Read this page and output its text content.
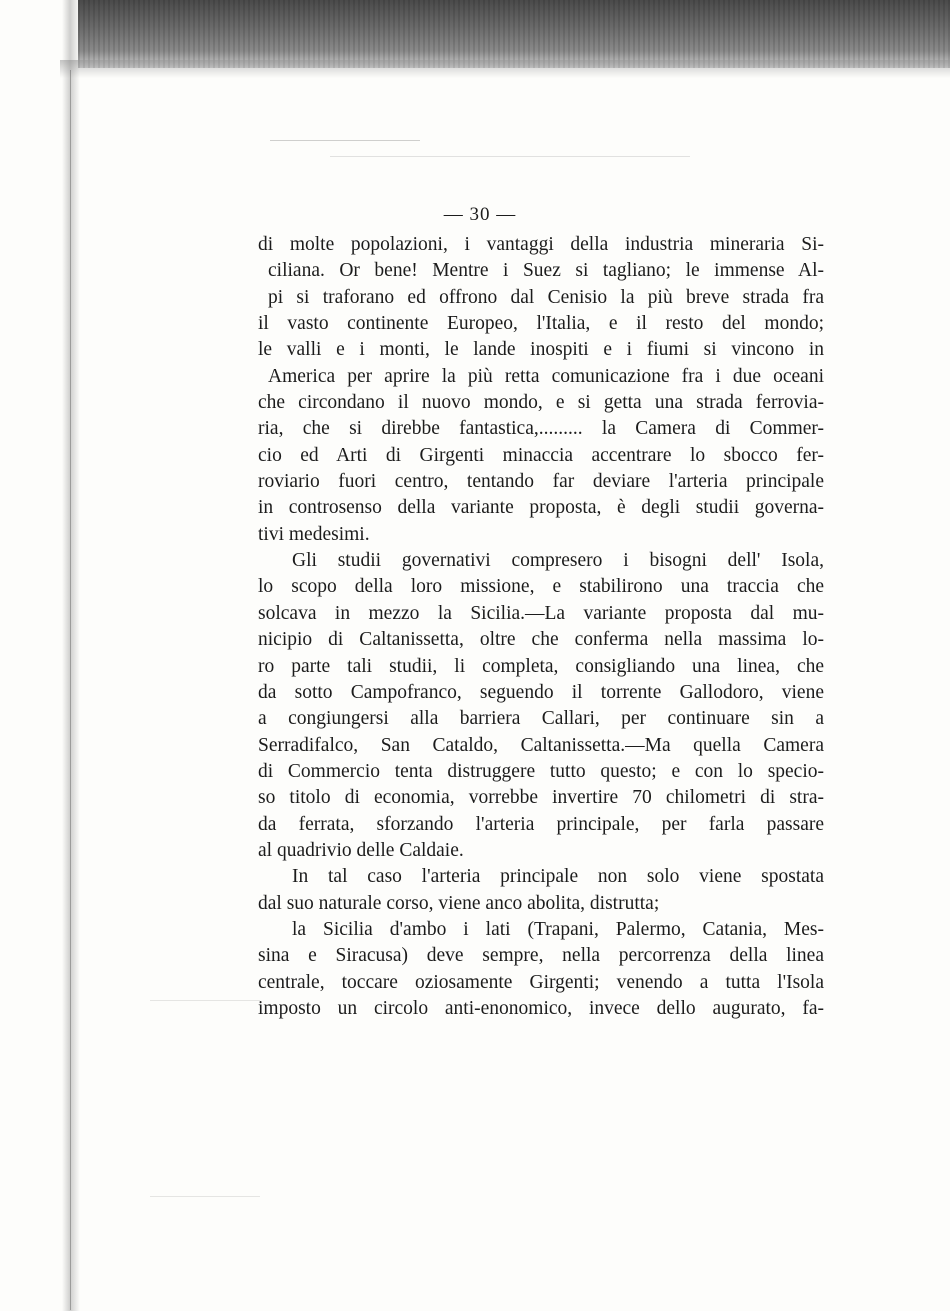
— 30 —
di molte popolazioni, i vantaggi della industria mineraria Si-
ciliana. Or bene! Mentre i Suez si tagliano; le immense Al-
pi si traforano ed offrono dal Cenisio la più breve strada fra
il vasto continente Europeo, l'Italia, e il resto del mondo;
le valli e i monti, le lande inospiti e i fiumi si vincono in
America per aprire la più retta comunicazione fra i due oceani
che circondano il nuovo mondo, e si getta una strada ferrovia-
ria, che si direbbe fantastica,......... la Camera di Commer-
cio ed Arti di Girgenti minaccia accentrare lo sbocco fer-
roviario fuori centro, tentando far deviare l'arteria principale
in controsenso della variante proposta, è degli studii governa-
tivi medesimi.
Gli studii governativi compresero i bisogni dell' Isola,
lo scopo della loro missione, e stabilirono una traccia che
solcava in mezzo la Sicilia.—La variante proposta dal mu-
nicipio di Caltanissetta, oltre che conferma nella massima lo-
ro parte tali studii, li completa, consigliando una linea, che
da sotto Campofranco, seguendo il torrente Gallodoro, viene
a congiungersi alla barriera Callari, per continuare sin a
Serradifalco, San Cataldo, Caltanissetta.—Ma quella Camera
di Commercio tenta distruggere tutto questo; e con lo specio-
so titolo di economia, vorrebbe invertire 70 chilometri di stra-
da ferrata, sforzando l'arteria principale, per farla passare
al quadrivio delle Caldaie.
In tal caso l'arteria principale non solo viene spostata
dal suo naturale corso, viene anco abolita, distrutta;
la Sicilia d'ambo i lati (Trapani, Palermo, Catania, Mes-
sina e Siracusa) deve sempre, nella percorrenza della linea
centrale, toccare oziosamente Girgenti; venendo a tutta l'Isola
imposto un circolo anti-enonomico, invece dello augurato, fa-
